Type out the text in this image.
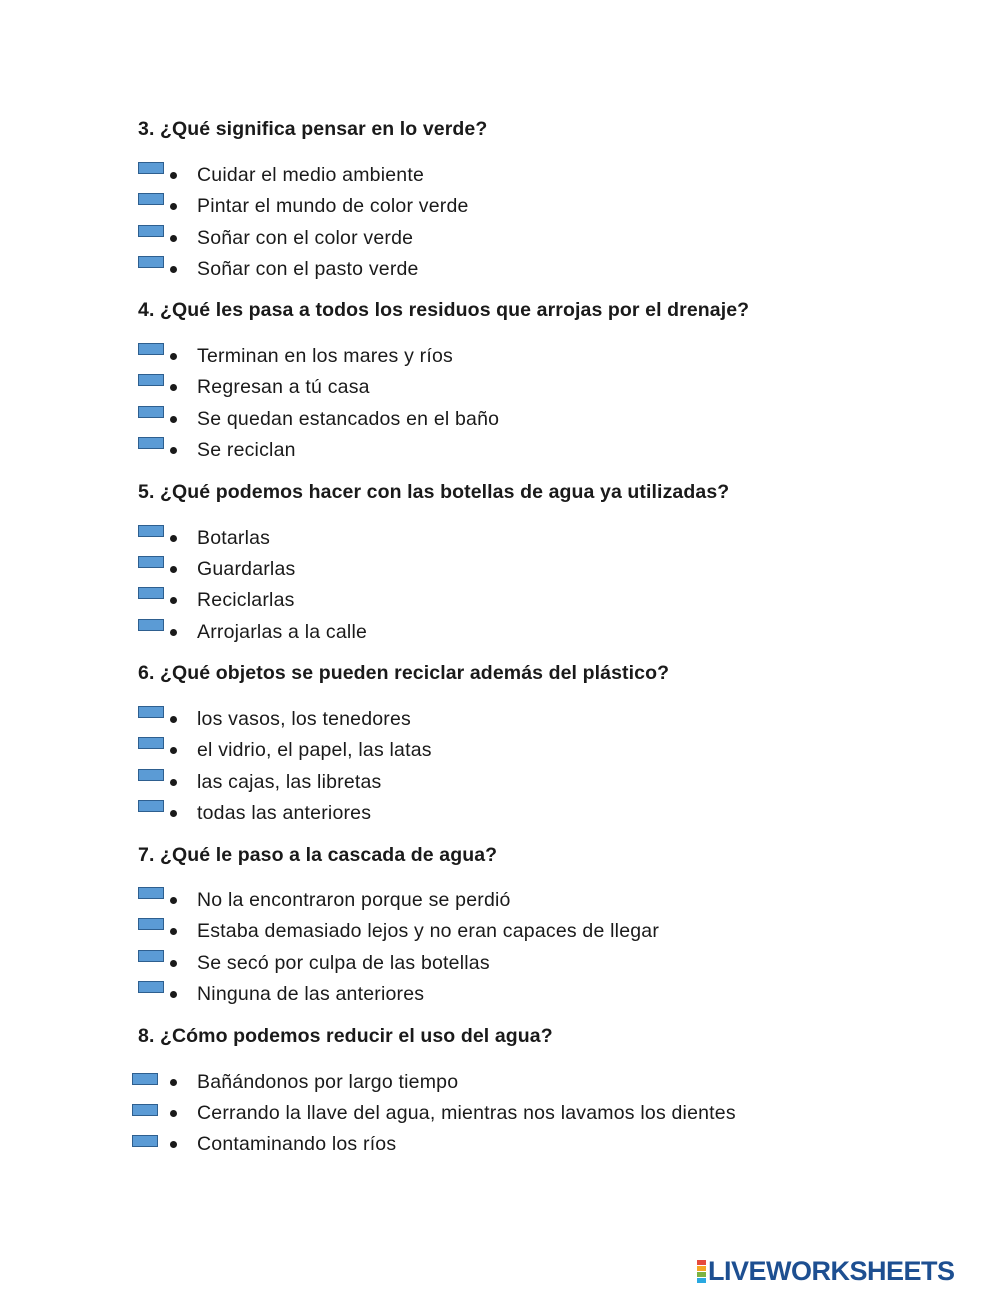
3. ¿Qué significa pensar en lo verde?
Cuidar el medio ambiente
Pintar el mundo de color verde
Soñar con el color verde
Soñar con el pasto verde
4. ¿Qué les pasa a todos los residuos que arrojas por el drenaje?
Terminan en los mares y ríos
Regresan a tú casa
Se quedan estancados en el baño
Se reciclan
5. ¿Qué podemos hacer con las botellas de agua ya utilizadas?
Botarlas
Guardarlas
Reciclarlas
Arrojarlas a la calle
6. ¿Qué objetos se pueden reciclar además del plástico?
los vasos, los tenedores
el vidrio, el papel, las latas
las cajas, las libretas
todas las anteriores
7. ¿Qué le paso a la cascada de agua?
No la encontraron porque se perdió
Estaba demasiado lejos y no eran capaces de llegar
Se secó por culpa de las botellas
Ninguna de las anteriores
8. ¿Cómo podemos reducir el uso del agua?
Bañándonos por largo tiempo
Cerrando la llave del agua, mientras nos lavamos los dientes
Contaminando los ríos
LIVEWORKSHEETS
